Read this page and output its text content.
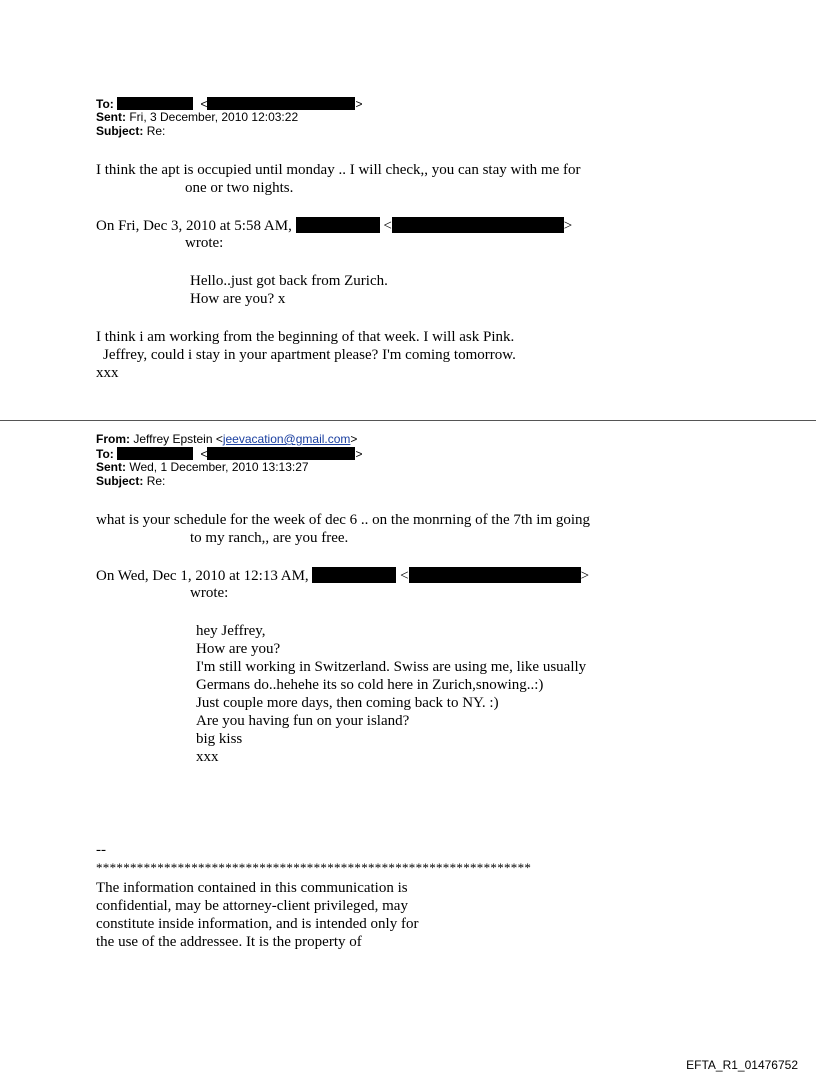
To:	<	>
Sent: Fri, 3 December, 2010 12:03:22
Subject: Re:
I think the apt is occupied until monday .. I will check,, you can stay with me for
one or two nights.
On Fri, Dec 3, 2010 at 5:58 AM,	<	>
wrote:
Hello..just got back from Zurich.
How are you? x
I think i am working from the beginning of that week. I will ask Pink.
Jeffrey, could i stay in your apartment please? I'm coming tomorrow.
xxx
From: Jeffrey Epstein <jeevacation@gmail.com>
To:	<	>
Sent: Wed, 1 December, 2010 13:13:27
Subject: Re:
what is your schedule for the week of dec 6 .. on the monrning of the 7th im going
to my ranch,, are you free.
On Wed, Dec 1, 2010 at 12:13 AM,	<	>
wrote:
hey Jeffrey,
How are you?
I'm still working in Switzerland. Swiss are using me, like usually
Germans do..hehehe its so cold here in Zurich,snowing..:)
Just couple more days, then coming back to NY. :)
Are you having fun on your island?
big kiss
xxx
--
****************************************************************
The information contained in this communication is
confidential, may be attorney-client privileged, may
constitute inside information, and is intended only for
the use of the addressee. It is the property of
EFTA_R1_01476752
